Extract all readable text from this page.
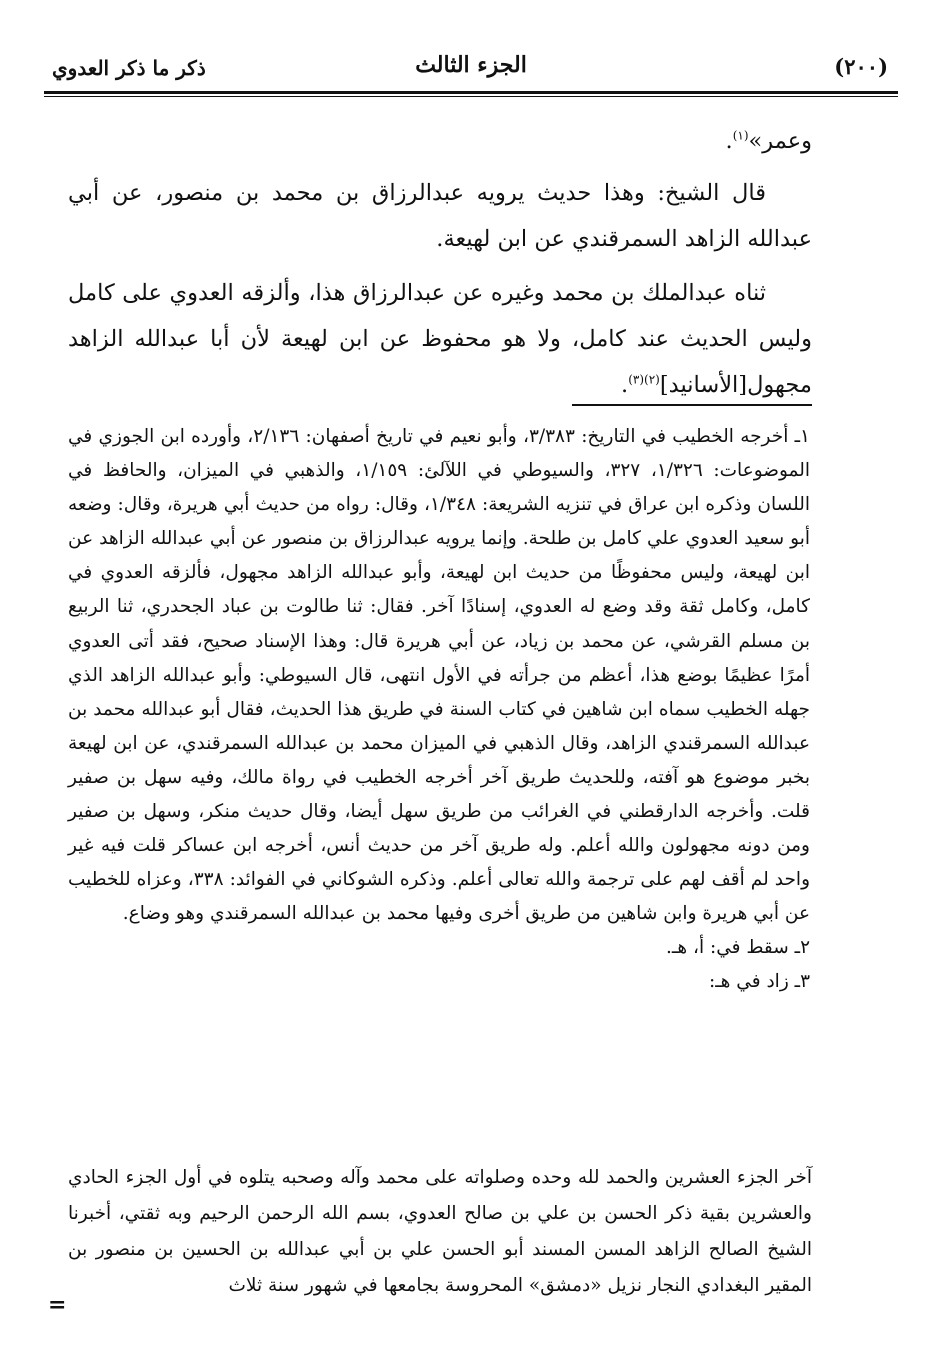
(٢٠٠)
الجزء الثالث
ذكر ما ذكر العدوي

وعمر»$^{(١)}$.

قال الشيخ: وهذا حديث يرويه عبدالرزاق بن محمد بن منصور، عن أبي عبدالله الزاهد السمرقندي عن ابن لهيعة.

ثناه عبدالملك بن محمد وغيره عن عبدالرزاق هذا، وألزقه العدوي على كامل وليس الحديث عند كامل، ولا هو محفوظ عن ابن لهيعة لأن أبا عبدالله الزاهد مجهول[الأسانيد]$^{(٢)(٣)}$.

١ـ أخرجه الخطيب في التاريخ: ٣/٣٨٣، وأبو نعيم في تاريخ أصفهان: ٢/١٣٦، وأورده ابن الجوزي في الموضوعات: ١/٣٢٦، ٣٢٧، والسيوطي في اللآلئ: ١/١٥٩، والذهبي في الميزان، والحافظ في اللسان وذكره ابن عراق في تنزيه الشريعة: ١/٣٤٨، وقال: رواه من حديث أبي هريرة، وقال: وضعه أبو سعيد العدوي علي كامل بن طلحة. وإنما يرويه عبدالرزاق بن منصور عن أبي عبدالله الزاهد عن ابن لهيعة، وليس محفوظًا من حديث ابن لهيعة، وأبو عبدالله الزاهد مجهول، فألزقه العدوي في كامل، وكامل ثقة وقد وضع له العدوي، إسنادًا آخر. فقال: ثنا طالوت بن عباد الجحدري، ثنا الربيع بن مسلم القرشي، عن محمد بن زياد، عن أبي هريرة قال: وهذا الإسناد صحيح، فقد أتى العدوي أمرًا عظيمًا بوضع هذا، أعظم من جرأته في الأول انتهى، قال السيوطي: وأبو عبدالله الزاهد الذي جهله الخطيب سماه ابن شاهين في كتاب السنة في طريق هذا الحديث، فقال أبو عبدالله محمد بن عبدالله السمرقندي الزاهد، وقال الذهبي في الميزان محمد بن عبدالله السمرقندي، عن ابن لهيعة بخبر موضوع هو آفته، وللحديث طريق آخر أخرجه الخطيب في رواة مالك، وفيه سهل بن صفير قلت. وأخرجه الدارقطني في الغرائب من طريق سهل أيضا، وقال حديث منكر، وسهل بن صفير ومن دونه مجهولون والله أعلم. وله طريق آخر من حديث أنس، أخرجه ابن عساكر قلت فيه غير واحد لم أقف لهم على ترجمة والله تعالى أعلم. وذكره الشوكاني في الفوائد: ٣٣٨، وعزاه للخطيب عن أبي هريرة وابن شاهين من طريق أخرى وفيها محمد بن عبدالله السمرقندي وهو وضاع.

٢ـ سقط في: أ، هـ.

٣ـ زاد في هـ:

آخر الجزء العشرين والحمد لله وحده وصلواته على محمد وآله وصحبه يتلوه في أول الجزء الحادي والعشرين بقية ذكر الحسن بن علي بن صالح العدوي، بسم الله الرحمن الرحيم وبه ثقتي، أخبرنا الشيخ الصالح الزاهد المسن المسند أبو الحسن علي بن أبي عبدالله بن الحسين بن منصور بن المقير البغدادي النجار نزيل «دمشق» المحروسة بجامعها في شهور سنة ثلاث
=
